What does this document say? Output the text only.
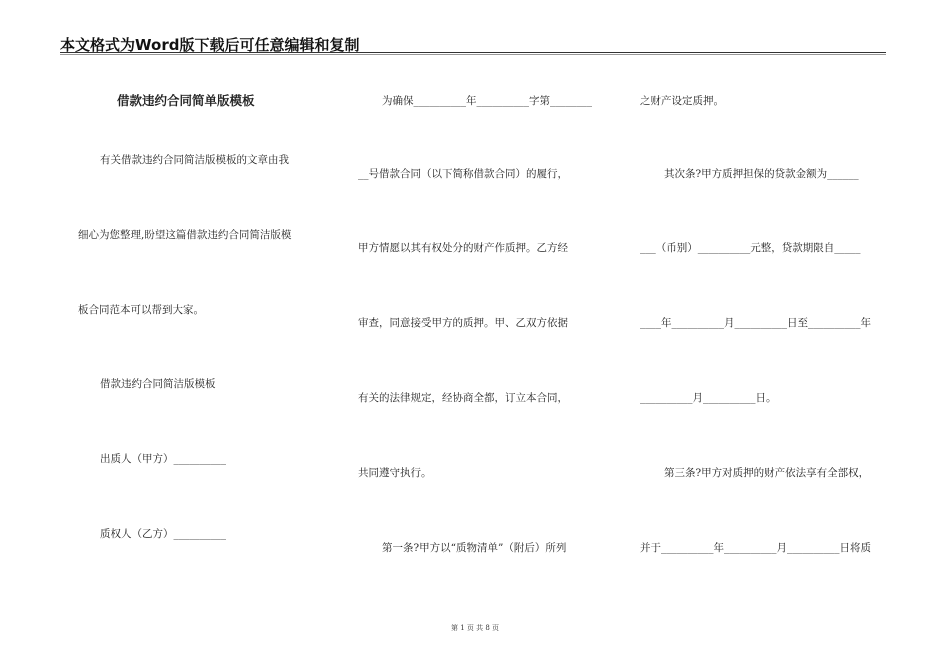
本文格式为Word版下载后可任意编辑和复制
借款违约合同简单版模板
有关借款违约合同简洁版模板的文章由我
细心为您整理,盼望这篇借款违约合同简洁版模
板合同范本可以帮到大家。
借款违约合同简洁版模板
出质人（甲方）__________
质权人（乙方）__________
为确保__________年__________字第________
__号借款合同（以下简称借款合同）的履行，
甲方情愿以其有权处分的财产作质押。乙方经
审查，同意接受甲方的质押。甲、乙双方依据
有关的法律规定，经协商全都，订立本合同，
共同遵守执行。
第一条?甲方以“质物清单”（附后）所列
之财产设定质押。
其次条?甲方质押担保的贷款金额为______
___（币别）__________元整，贷款期限自_____
____年__________月__________日至__________年
__________月__________日。
第三条?甲方对质押的财产依法享有全部权，
并于__________年__________月__________日将质
第 1 页 共 8 页
